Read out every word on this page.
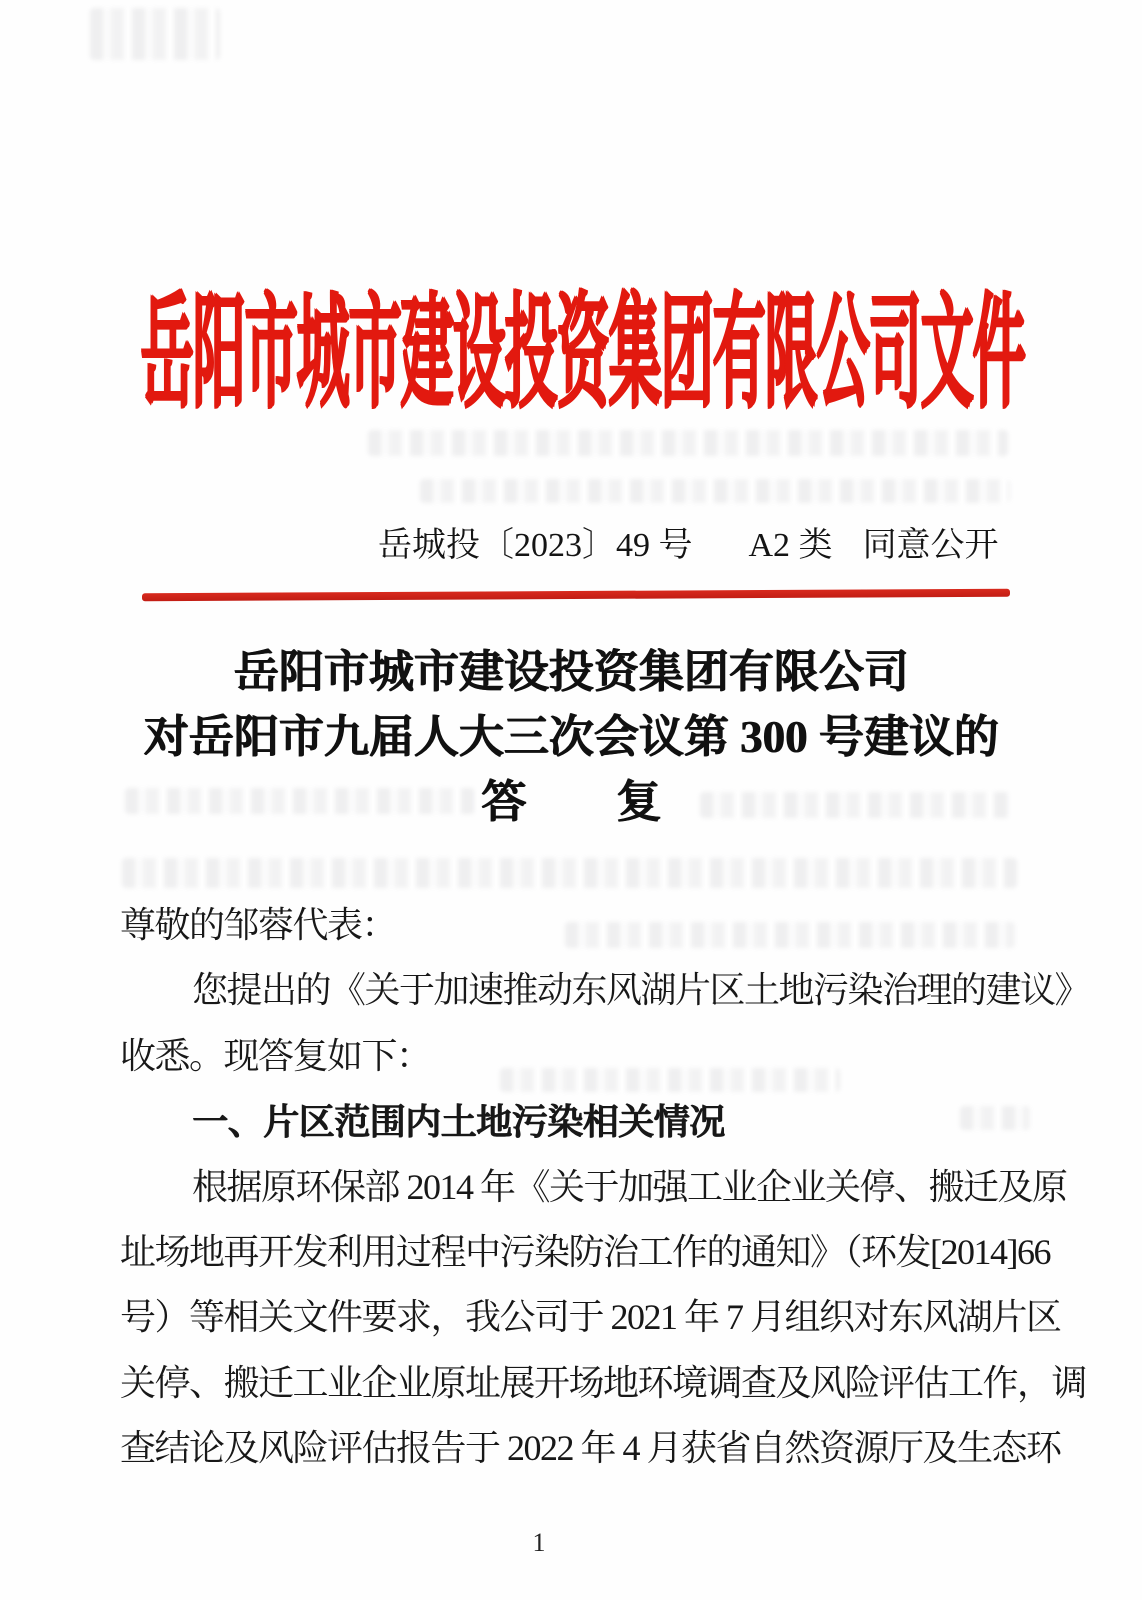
岳阳市城市建设投资集团有限公司文件
岳城投〔2023〕49 号 A2 类 同意公开
岳阳市城市建设投资集团有限公司
对岳阳市九届人大三次会议第 300 号建议的
答　　复
尊敬的邹蓉代表：
您提出的《关于加速推动东风湖片区土地污染治理的建议》
收悉。现答复如下：
一、片区范围内土地污染相关情况
根据原环保部 2014 年《关于加强工业企业关停、搬迁及原
址场地再开发利用过程中污染防治工作的通知》（环发[2014]66
号）等相关文件要求，我公司于 2021 年 7 月组织对东风湖片区
关停、搬迁工业企业原址展开场地环境调查及风险评估工作，调
查结论及风险评估报告于 2022 年 4 月获省自然资源厅及生态环
1
